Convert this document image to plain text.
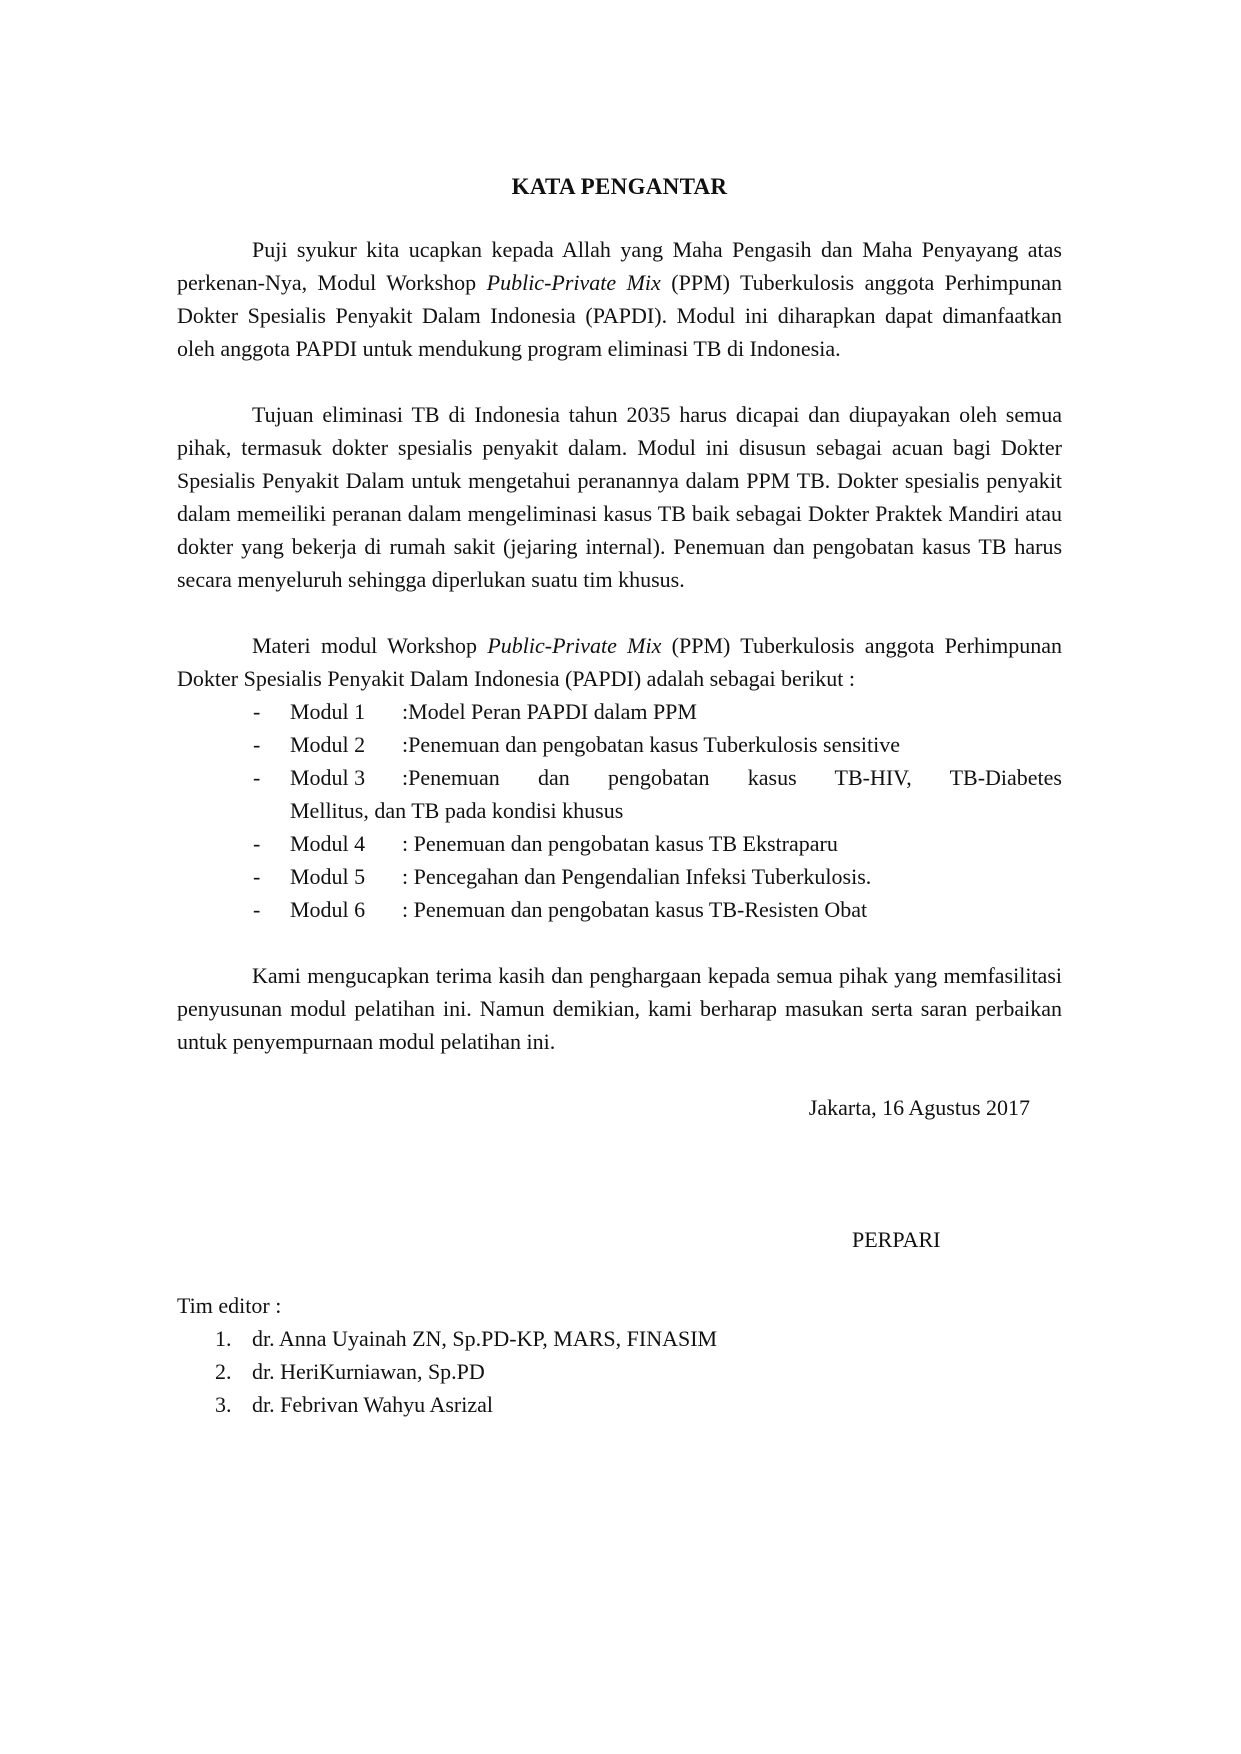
KATA PENGANTAR

Puji syukur kita ucapkan kepada Allah yang Maha Pengasih dan Maha Penyayang atas perkenan-Nya, Modul Workshop Public-Private Mix (PPM) Tuberkulosis anggota Perhimpunan Dokter Spesialis Penyakit Dalam Indonesia (PAPDI). Modul ini diharapkan dapat dimanfaatkan oleh anggota PAPDI untuk mendukung program eliminasi TB di Indonesia.

Tujuan eliminasi TB di Indonesia tahun 2035 harus dicapai dan diupayakan oleh semua pihak, termasuk dokter spesialis penyakit dalam. Modul ini disusun sebagai acuan bagi Dokter Spesialis Penyakit Dalam untuk mengetahui peranannya dalam PPM TB. Dokter spesialis penyakit dalam memeiliki peranan dalam mengeliminasi kasus TB baik sebagai Dokter Praktek Mandiri atau dokter yang bekerja di rumah sakit (jejaring internal). Penemuan dan pengobatan kasus TB harus secara menyeluruh sehingga diperlukan suatu tim khusus.

Materi modul Workshop Public-Private Mix (PPM) Tuberkulosis anggota Perhimpunan Dokter Spesialis Penyakit Dalam Indonesia (PAPDI) adalah sebagai berikut :

- Modul 1	:Model Peran PAPDI dalam PPM
- Modul 2	:Penemuan dan pengobatan kasus Tuberkulosis sensitive
- Modul 3	:Penemuan dan pengobatan kasus TB-HIV, TB-Diabetes
Mellitus, dan TB pada kondisi khusus
- Modul 4	: Penemuan dan pengobatan kasus TB Ekstraparu
- Modul 5	: Pencegahan dan Pengendalian Infeksi Tuberkulosis.
- Modul 6	: Penemuan dan pengobatan kasus TB-Resisten Obat

Kami mengucapkan terima kasih dan penghargaan kepada semua pihak yang memfasilitasi penyusunan modul pelatihan ini. Namun demikian, kami berharap masukan serta saran perbaikan untuk penyempurnaan modul pelatihan ini.

Jakarta, 16 Agustus 2017
PERPARI
Tim editor :
1. dr. Anna Uyainah ZN, Sp.PD-KP, MARS, FINASIM
2. dr. HeriKurniawan, Sp.PD
3. dr. Febrivan Wahyu Asrizal
